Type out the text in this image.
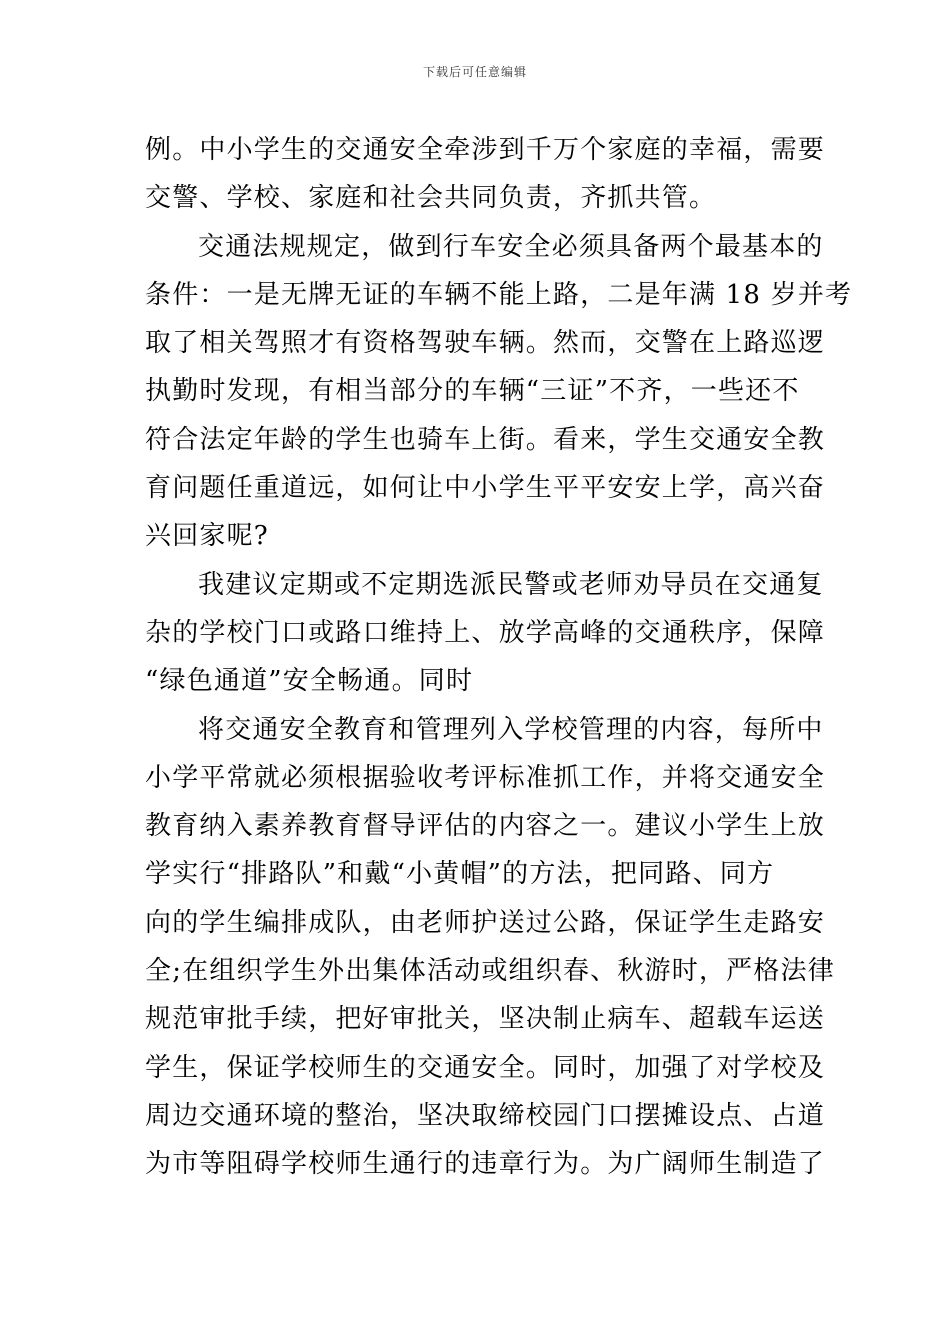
下载后可任意编辑
例。中小学生的交通安全牵涉到千万个家庭的幸福，需要
交警、学校、家庭和社会共同负责，齐抓共管。
交通法规规定，做到行车安全必须具备两个最基本的
条件：一是无牌无证的车辆不能上路，二是年满 18 岁并考
取了相关驾照才有资格驾驶车辆。然而，交警在上路巡逻
执勤时发现，有相当部分的车辆“三证”不齐，一些还不
符合法定年龄的学生也骑车上街。看来，学生交通安全教
育问题任重道远，如何让中小学生平平安安上学，高兴奋
兴回家呢?
我建议定期或不定期选派民警或老师劝导员在交通复
杂的学校门口或路口维持上、放学高峰的交通秩序，保障
“绿色通道”安全畅通。同时
将交通安全教育和管理列入学校管理的内容，每所中
小学平常就必须根据验收考评标准抓工作，并将交通安全
教育纳入素养教育督导评估的内容之一。建议小学生上放
学实行“排路队”和戴“小黄帽”的方法，把同路、同方
向的学生编排成队，由老师护送过公路，保证学生走路安
全;在组织学生外出集体活动或组织春、秋游时，严格法律
规范审批手续，把好审批关，坚决制止病车、超载车运送
学生，保证学校师生的交通安全。同时，加强了对学校及
周边交通环境的整治，坚决取缔校园门口摆摊设点、占道
为市等阻碍学校师生通行的违章行为。为广阔师生制造了
